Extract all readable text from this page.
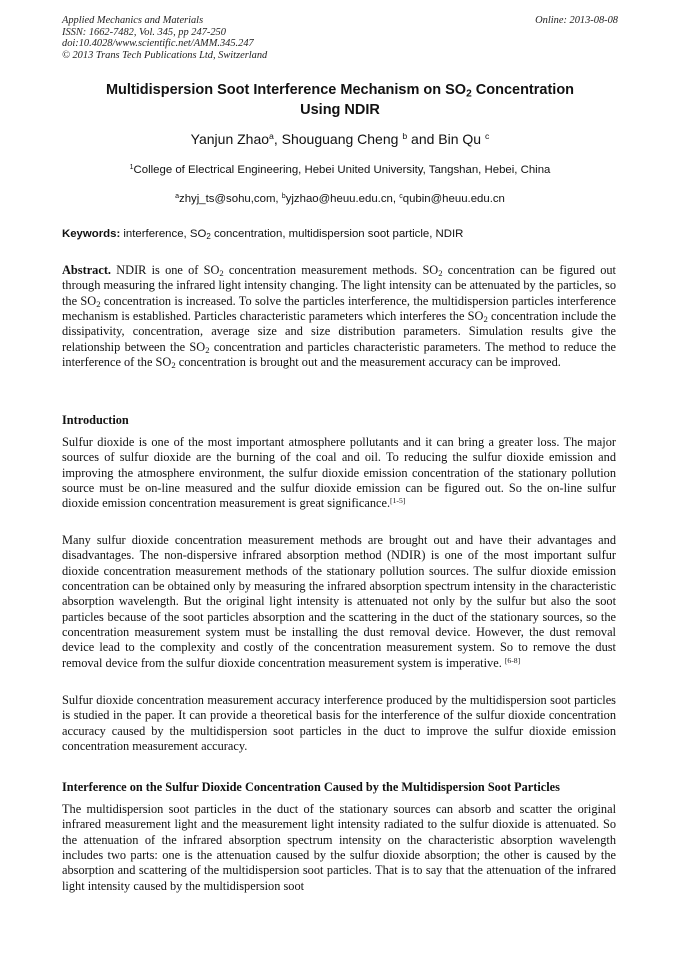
Applied Mechanics and Materials
ISSN: 1662-7482, Vol. 345, pp 247-250
doi:10.4028/www.scientific.net/AMM.345.247
© 2013 Trans Tech Publications Ltd, Switzerland
Online: 2013-08-08
Multidispersion Soot Interference Mechanism on $SO_2$ Concentration
Using NDIR
Yanjun Zhao$^a$, Shouguang Cheng $^b$ and Bin Qu $^c$
$^1$College of Electrical Engineering, Hebei United University, Tangshan, Hebei, China
$^a$zhyj_ts@sohu,com, $^b$yjzhao@heuu.edu.cn, $^c$qubin@heuu.edu.cn
Keywords: interference, $SO_2$ concentration, multidispersion soot particle, NDIR
Abstract. NDIR is one of $SO_2$ concentration measurement methods. $SO_2$ concentration can be figured out through measuring the infrared light intensity changing. The light intensity can be attenuated by the particles, so the $SO_2$ concentration is increased. To solve the particles interference, the multidispersion particles interference mechanism is established. Particles characteristic parameters which interferes the $SO_2$ concentration include the dissipativity, concentration, average size and size distribution parameters. Simulation results give the relationship between the $SO_2$ concentration and particles characteristic parameters. The method to reduce the interference of the $SO_2$ concentration is brought out and the measurement accuracy can be improved.
Introduction
Sulfur dioxide is one of the most important atmosphere pollutants and it can bring a greater loss. The major sources of sulfur dioxide are the burning of the coal and oil. To reducing the sulfur dioxide emission and improving the atmosphere environment, the sulfur dioxide emission concentration of the stationary pollution source must be on-line measured and the sulfur dioxide emission can be figured out. So the on-line sulfur dioxide emission concentration measurement is great significance.[1-5]
Many sulfur dioxide concentration measurement methods are brought out and have their advantages and disadvantages. The non-dispersive infrared absorption method (NDIR) is one of the most important sulfur dioxide concentration measurement methods of the stationary pollution sources. The sulfur dioxide emission concentration can be obtained only by measuring the infrared absorption spectrum intensity in the characteristic absorption wavelength. But the original light intensity is attenuated not only by the sulfur but also the soot particles because of the soot particles absorption and the scattering in the duct of the stationary sources, so the concentration measurement system must be installing the dust removal device. However, the dust removal device lead to the complexity and costly of the concentration measurement system. So to remove the dust removal device from the sulfur dioxide concentration measurement system is imperative. [6-8]
Sulfur dioxide concentration measurement accuracy interference produced by the multidispersion soot particles is studied in the paper. It can provide a theoretical basis for the interference of the sulfur dioxide concentration accuracy caused by the multidispersion soot particles in the duct to improve the sulfur dioxide emission concentration measurement accuracy.
Interference on the Sulfur Dioxide Concentration Caused by the Multidispersion Soot Particles
The multidispersion soot particles in the duct of the stationary sources can absorb and scatter the original infrared measurement light and the measurement light intensity radiated to the sulfur dioxide is attenuated. So the attenuation of the infrared absorption spectrum intensity on the characteristic absorption wavelength includes two parts: one is the attenuation caused by the sulfur dioxide absorption; the other is caused by the absorption and scattering of the multidispersion soot particles. That is to say that the attenuation of the infrared light intensity caused by the multidispersion soot
